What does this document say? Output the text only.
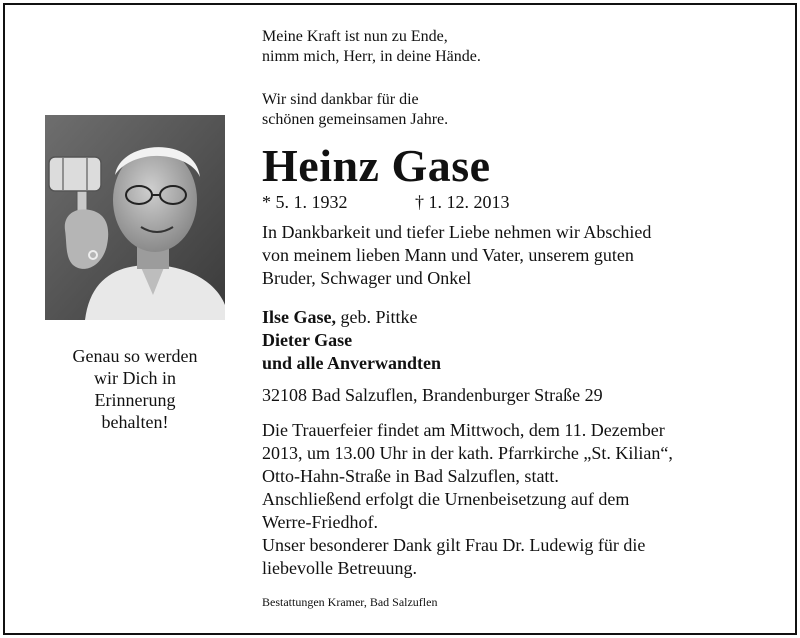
Meine Kraft ist nun zu Ende,
nimm mich, Herr, in deine Hände.
Wir sind dankbar für die
schönen gemeinsamen Jahre.
Genau so werden
wir Dich in
Erinnerung
behalten!
Heinz Gase
* 5. 1. 1932	† 1. 12. 2013
In Dankbarkeit und tiefer Liebe nehmen wir Abschied
von meinem lieben Mann und Vater, unserem guten
Bruder, Schwager und Onkel
Ilse Gase, geb. Pittke
Dieter Gase
und alle Anverwandten
32108 Bad Salzuflen, Brandenburger Straße 29
Die Trauerfeier findet am Mittwoch, dem 11. Dezember
2013, um 13.00 Uhr in der kath. Pfarrkirche „St. Kilian“,
Otto-Hahn-Straße in Bad Salzuflen, statt.
Anschließend erfolgt die Urnenbeisetzung auf dem
Werre-Friedhof.
Unser besonderer Dank gilt Frau Dr. Ludewig für die
liebevolle Betreuung.
Bestattungen Kramer, Bad Salzuflen
